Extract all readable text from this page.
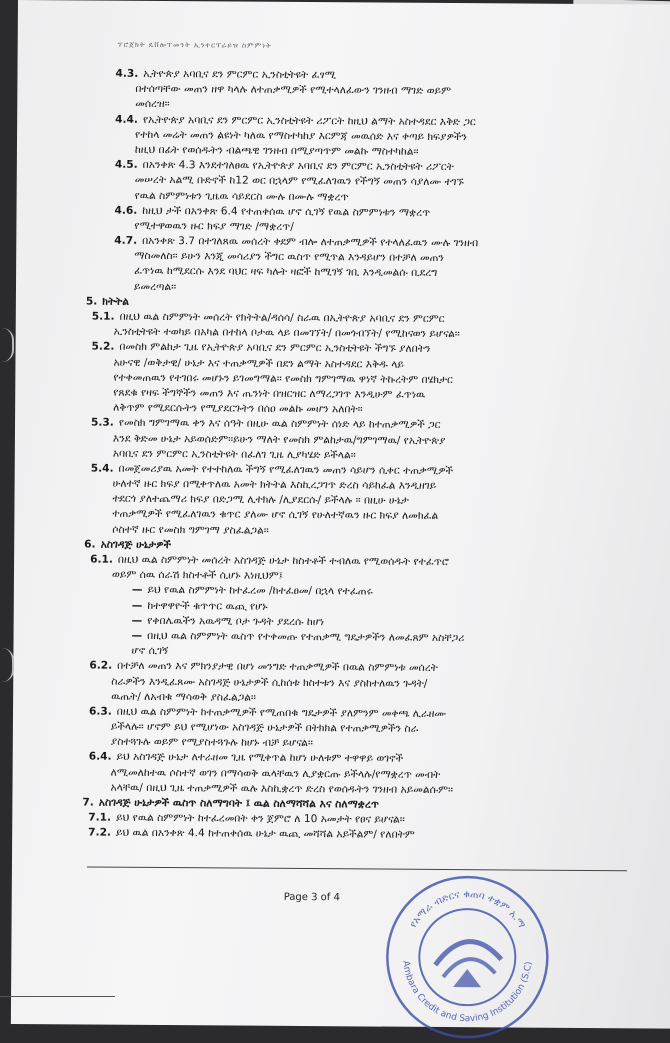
ፕሮጀክት ዴቨሎፕመንት ኢንተርፕራይዝ ስምምነት
4.3. ኢትዮጵያ አባቢና ደን ምርምር ኢንስቲትዩት ፈፃሚ
በተሰጣቸው መጠን ዘዋ ካላሉ ለተጠቃሚዎች የሚተላለፈውን ገንዘብ ማገድ ወይም
መሰረዝ፡፡
4.4. የኢትዮጵያ አባቢና ደን ምርምር ኢንስቲትዩት ሪፖርት ከዚህ ልማት አስተዳደር እቅድ ጋር
የተከላ መሬት መጠን ልዩነት ካለዉ የማስተካከያ እርምጃ መዉሰድ እና ቀጣይ ክፍያዎችን
ከዚህ በፊት የወሰዱትን ብልጫዊ ገንዘብ በሚያጣጥም መልኩ ማስተካከል፡፡
4.5. በአንቀጽ 4.3 እንደተገለፀዉ የኢትዮጵያ አባቢና ደን ምርምር ኢንስቲትዩት ሪፖርት
መሠረት አልሚ ቡድኖች ከ12 ወር በኋላም የሚፈለገዉን የችግኝ መጠን ሳያለሙ ተገኙ
የዉል ስምምነቱን ጊዜዉ ሳይደርስ ሙሉ በሙሉ ማቋረጥ
4.6. ከዚህ ታች በአንቀጽ 6.4 የተጠቀሰዉ ሆኖ ሲገኝ የዉል ስምምነቱን ማቋረጥ
የሚተዋወዉን ዙር ክፍያ ማገድ /ማቋረጥ/
4.7. በአንቀጽ 3.7 በተገለጸዉ መሰረት ቀደም ብሎ ለተጠቃሚዎች የተላለፈዉን ሙሉ ገንዘብ
ማስመለስ፡፡ ይሁን እንጂ መሳሪያን ችግር ዉስጥ የሚጥል እንዳይሆን በተቻለ መጠን
ፈጥነዉ ከሚደርሱ እንደ ባህር ዛፍ ካሉት ዛፎች ከሚገኝ ገቢ እንዲመልሱ ቢደረግ
ይመረጣል፡፡
5. ክትትል
5.1. በዚህ ዉል ስምምነት መሰረት የክትትል/ዳሰሳ/ ስራዉ በኢትዮጵያ አባቢና ደን ምርምር
ኢንስቲትዩት ተወካይ በአካል በተከላ ቦታዉ ላይ በመገኘት/ በመጎብኘት/ የሚከናወን ይሆናል፡፡
5.2. በመስክ ምልከታ ጊዜ የኢትዮጵያ አባቢና ደን ምርምር ኢንስቲትዩት ችግኙ ያለበትን
አሁናዊ /ወቅታዊ/ ሁኔታ እና ተጠቃሚዎች በደን ልማት አስተዳደር እቅዱ ላይ
የተቀመጠዉን የተገበሩ መሆኑን ይገመግማል፡፡ የመስክ ግምገማዉ ዋነኛ ትኩረትም በሄክታር
የጸደቁ የዛፍ ችግኞችን መጠን እና ጤንነት በዝርዝር ለማረጋገጥ እንዲሁም ፈጥነዉ
ለቅጥም የሚደርሱትን የሚያደርጉትን በሰዐ መልኩ መሆን አለበት፡፡
5.3. የመስክ ግምገማዉ ቀን እና ሰዓት በዚሁ ዉል ስምምነት ሰነድ ላይ ከተጠቃሚዎች ጋር
እንደ ቅድመ ሁኔታ አይወሰድም፡፡ይሁን ማለት የመስክ ምልከታዉ/ግምገማዉ/ የኢትዮጵያ
አባቢና ደን ምርምር ኢንስቲትዩት በፈለገ ጊዜ ሊያካሄድ ይችላል፡፡
5.4. በመጀመሪያዉ አመት የተተከለዉ ችግኝ የሚፈለገዉን መጠን ሳይሆን ሲቀር ተጠቃሚዎች
ሁለተኛ ዙር ክፍያ በሚቀጥለዉ አመት ክትትል እስኪረጋገጥ ድረስ ሳይከፈል እንዲዘገይ
ተደርጎ ያለተጨማሪ ክፍያ በድጋሚ ሊተክሉ /ሊያደርሱ/ ይችላሉ ፡፡ በዚሁ ሁኔታ
ተጠቃሚዎች የሚፈለገዉን ቁጥር ያለሙ ሆኖ ሲገኝ የሁለተኛዉን ዙር ክፍያ ለመክፈል
ሶስተኛ ዙር የመስክ ግምገማ ያስፈልጋል፡፡
6. አስገዳጅ ሁኔታዎች
6.1. በዚህ ዉል ስምምነት መሰረት አስገዳጅ ሁኔታ ከስተቶች ተብለዉ የሚወሰዱት የተፈጥሮ
ወይም ሰዉ ሰራሽ ክስተቶች ሲሆኑ እነዚህም፤
— ይህ የዉል ስምምነት ከተፈረመ /ከተፈፀመ/ በኋላ የተፈጠሩ
— ከተዋዋዮች ቁጥጥር ዉጪ የሆኑ
— የቀበሌዉችን አዉዳሚ ቦታ ጉዳት ያደረሱ ከሆነ
— በዚህ ዉል ስምምነት ዉስጥ የተቀመጡ የተጠቃሚ ግዴታዎችን ለመፈጸም አስቸጋሪ
ሆኖ ሲገኝ
6.2. በተቻለ መጠን እና ምክንያታዊ በሆነ መንግድ ተጠቃሚዎች በዉል ስምምነቱ መሰረት
ስራዎችን እንዲፈጸሙ አስገዳጅ ሁኔታዎች ሲከሰቱ ክስተቱን እና ያስከተለዉን ጉዳት/
ዉጤት/ ለአብቁ ማሳወቅ ያስፈልጋል፡፡
6.3. በዚህ ዉል ስምምነት ከተጠቃሚዎች የሚጠበቁ ግዴታዎች ያለምንም መቀጫ ሊራዘሙ
ይችላሉ፡፡ ሆኖም ይህ የሚሆነው አስገዳጅ ሁኔታዎች በትክክል የተጠቃሚዎችን ስራ
ያስተጓጉሉ ወይም የሚያስተጓጉሉ ከሆኑ ብቻ ይሆናል፡፡
6.4. ይህ አስገዳጅ ሁኔታ ለተራዘመ ጊዜ የሚቀጥል ከሆነ ሁለቱም ተዋዋይ ወገኖች
ለሚመለከተዉ ሶስተኛ ወገን በማሳወቅ ዉላቸዉን ሊያቋርጡ ይችላሉ/የማቋረጥ መብት
አላቸዉ/ በዚህ ጊዜ ተጠቃሚዎች ዉሉ እስኪቋረጥ ድረስ የወሰዱትን ገንዘብ አይመልሱም፡፡
7. አስገዳጅ ሁኔታዎች ዉስጥ ስለማግባት ፤ ዉል ስለማሻሻል እና ስለማቋረጥ
7.1. ይህ የዉል ስምምነት ከተፈረመበት ቀን ጀምሮ ለ 10 አመታት የፀና ይሆናል፡፡
7.2. ይህ ዉል በአንቀጽ 4.4 ከተጠቀሰዉ ሁኔታ ዉጪ መሻሻል አይችልም/ የለበትም
Page 3 of 4
የአማራ ብድርና ቁጠባ ተቋም አ.ማ
Ambara Credit and Saving Institution (S.C)
